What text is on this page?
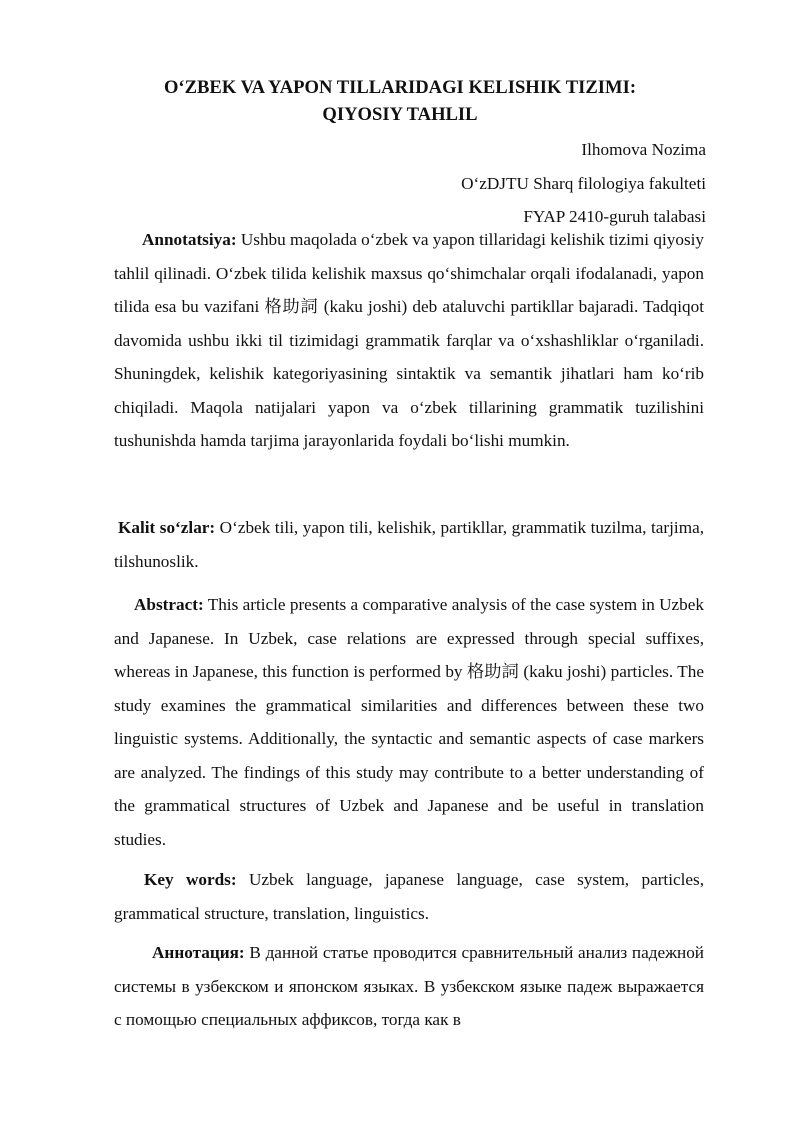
O‘ZBEK VA YAPON TILLARIDAGI KELISHIK TIZIMI:
QIYOSIY TAHLIL
Ilhomova Nozima
O‘zDJTU Sharq filologiya fakulteti
FYAP 2410-guruh talabasi

Annotatsiya: Ushbu maqolada o‘zbek va yapon tillaridagi kelishik tizimi qiyosiy tahlil qilinadi. O‘zbek tilida kelishik maxsus qo‘shimchalar orqali ifodalanadi, yapon tilida esa bu vazifani 格助詞 (kaku joshi) deb ataluvchi partikllar bajaradi. Tadqiqot davomida ushbu ikki til tizimidagi grammatik farqlar va o‘xshashliklar o‘rganiladi. Shuningdek, kelishik kategoriyasining sintaktik va semantik jihatlari ham ko‘rib chiqiladi. Maqola natijalari yapon va o‘zbek tillarining grammatik tuzilishini tushunishda hamda tarjima jarayonlarida foydali bo‘lishi mumkin.

Kalit so‘zlar: O‘zbek tili, yapon tili, kelishik, partikllar, grammatik tuzilma, tarjima, tilshunoslik.

Abstract: This article presents a comparative analysis of the case system in Uzbek and Japanese. In Uzbek, case relations are expressed through special suffixes, whereas in Japanese, this function is performed by 格助詞 (kaku joshi) particles. The study examines the grammatical similarities and differences between these two linguistic systems. Additionally, the syntactic and semantic aspects of case markers are analyzed. The findings of this study may contribute to a better understanding of the grammatical structures of Uzbek and Japanese and be useful in translation studies.

Key words: Uzbek language, japanese language, case system, particles, grammatical structure, translation, linguistics.

Аннотация: В данной статье проводится сравнительный анализ падежной системы в узбекском и японском языках. В узбекском языке падеж выражается с помощью специальных аффиксов, тогда как в
